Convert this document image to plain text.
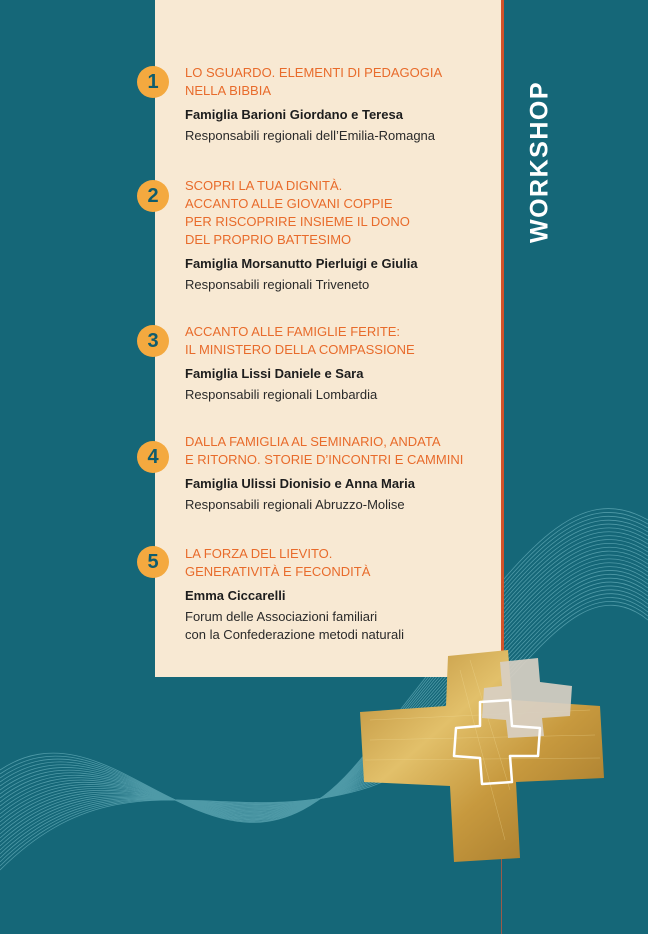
WORKSHOP
1	LO SGUARDO. ELEMENTI DI PEDAGOGIA
NELLA BIBBIA
Famiglia Barioni Giordano e Teresa
Responsabili regionali dell’Emilia-Romagna
2	SCOPRI LA TUA DIGNITÀ.
ACCANTO ALLE GIOVANI COPPIE
PER RISCOPRIRE INSIEME IL DONO
DEL PROPRIO BATTESIMO
Famiglia Morsanutto Pierluigi e Giulia
Responsabili regionali Triveneto
3	ACCANTO ALLE FAMIGLIE FERITE:
IL MINISTERO DELLA COMPASSIONE
Famiglia Lissi Daniele e Sara
Responsabili regionali Lombardia
4
DALLA FAMIGLIA AL SEMINARIO, ANDATA
E RITORNO. STORIE D’INCONTRI E CAMMINI
Famiglia Ulissi Dionisio e Anna Maria
Responsabili regionali Abruzzo-Molise
5	LA FORZA DEL LIEVITO.
GENERATIVITÀ E FECONDITÀ
Emma Ciccarelli
Forum delle Associazioni familiari
con la Confederazione metodi naturali
